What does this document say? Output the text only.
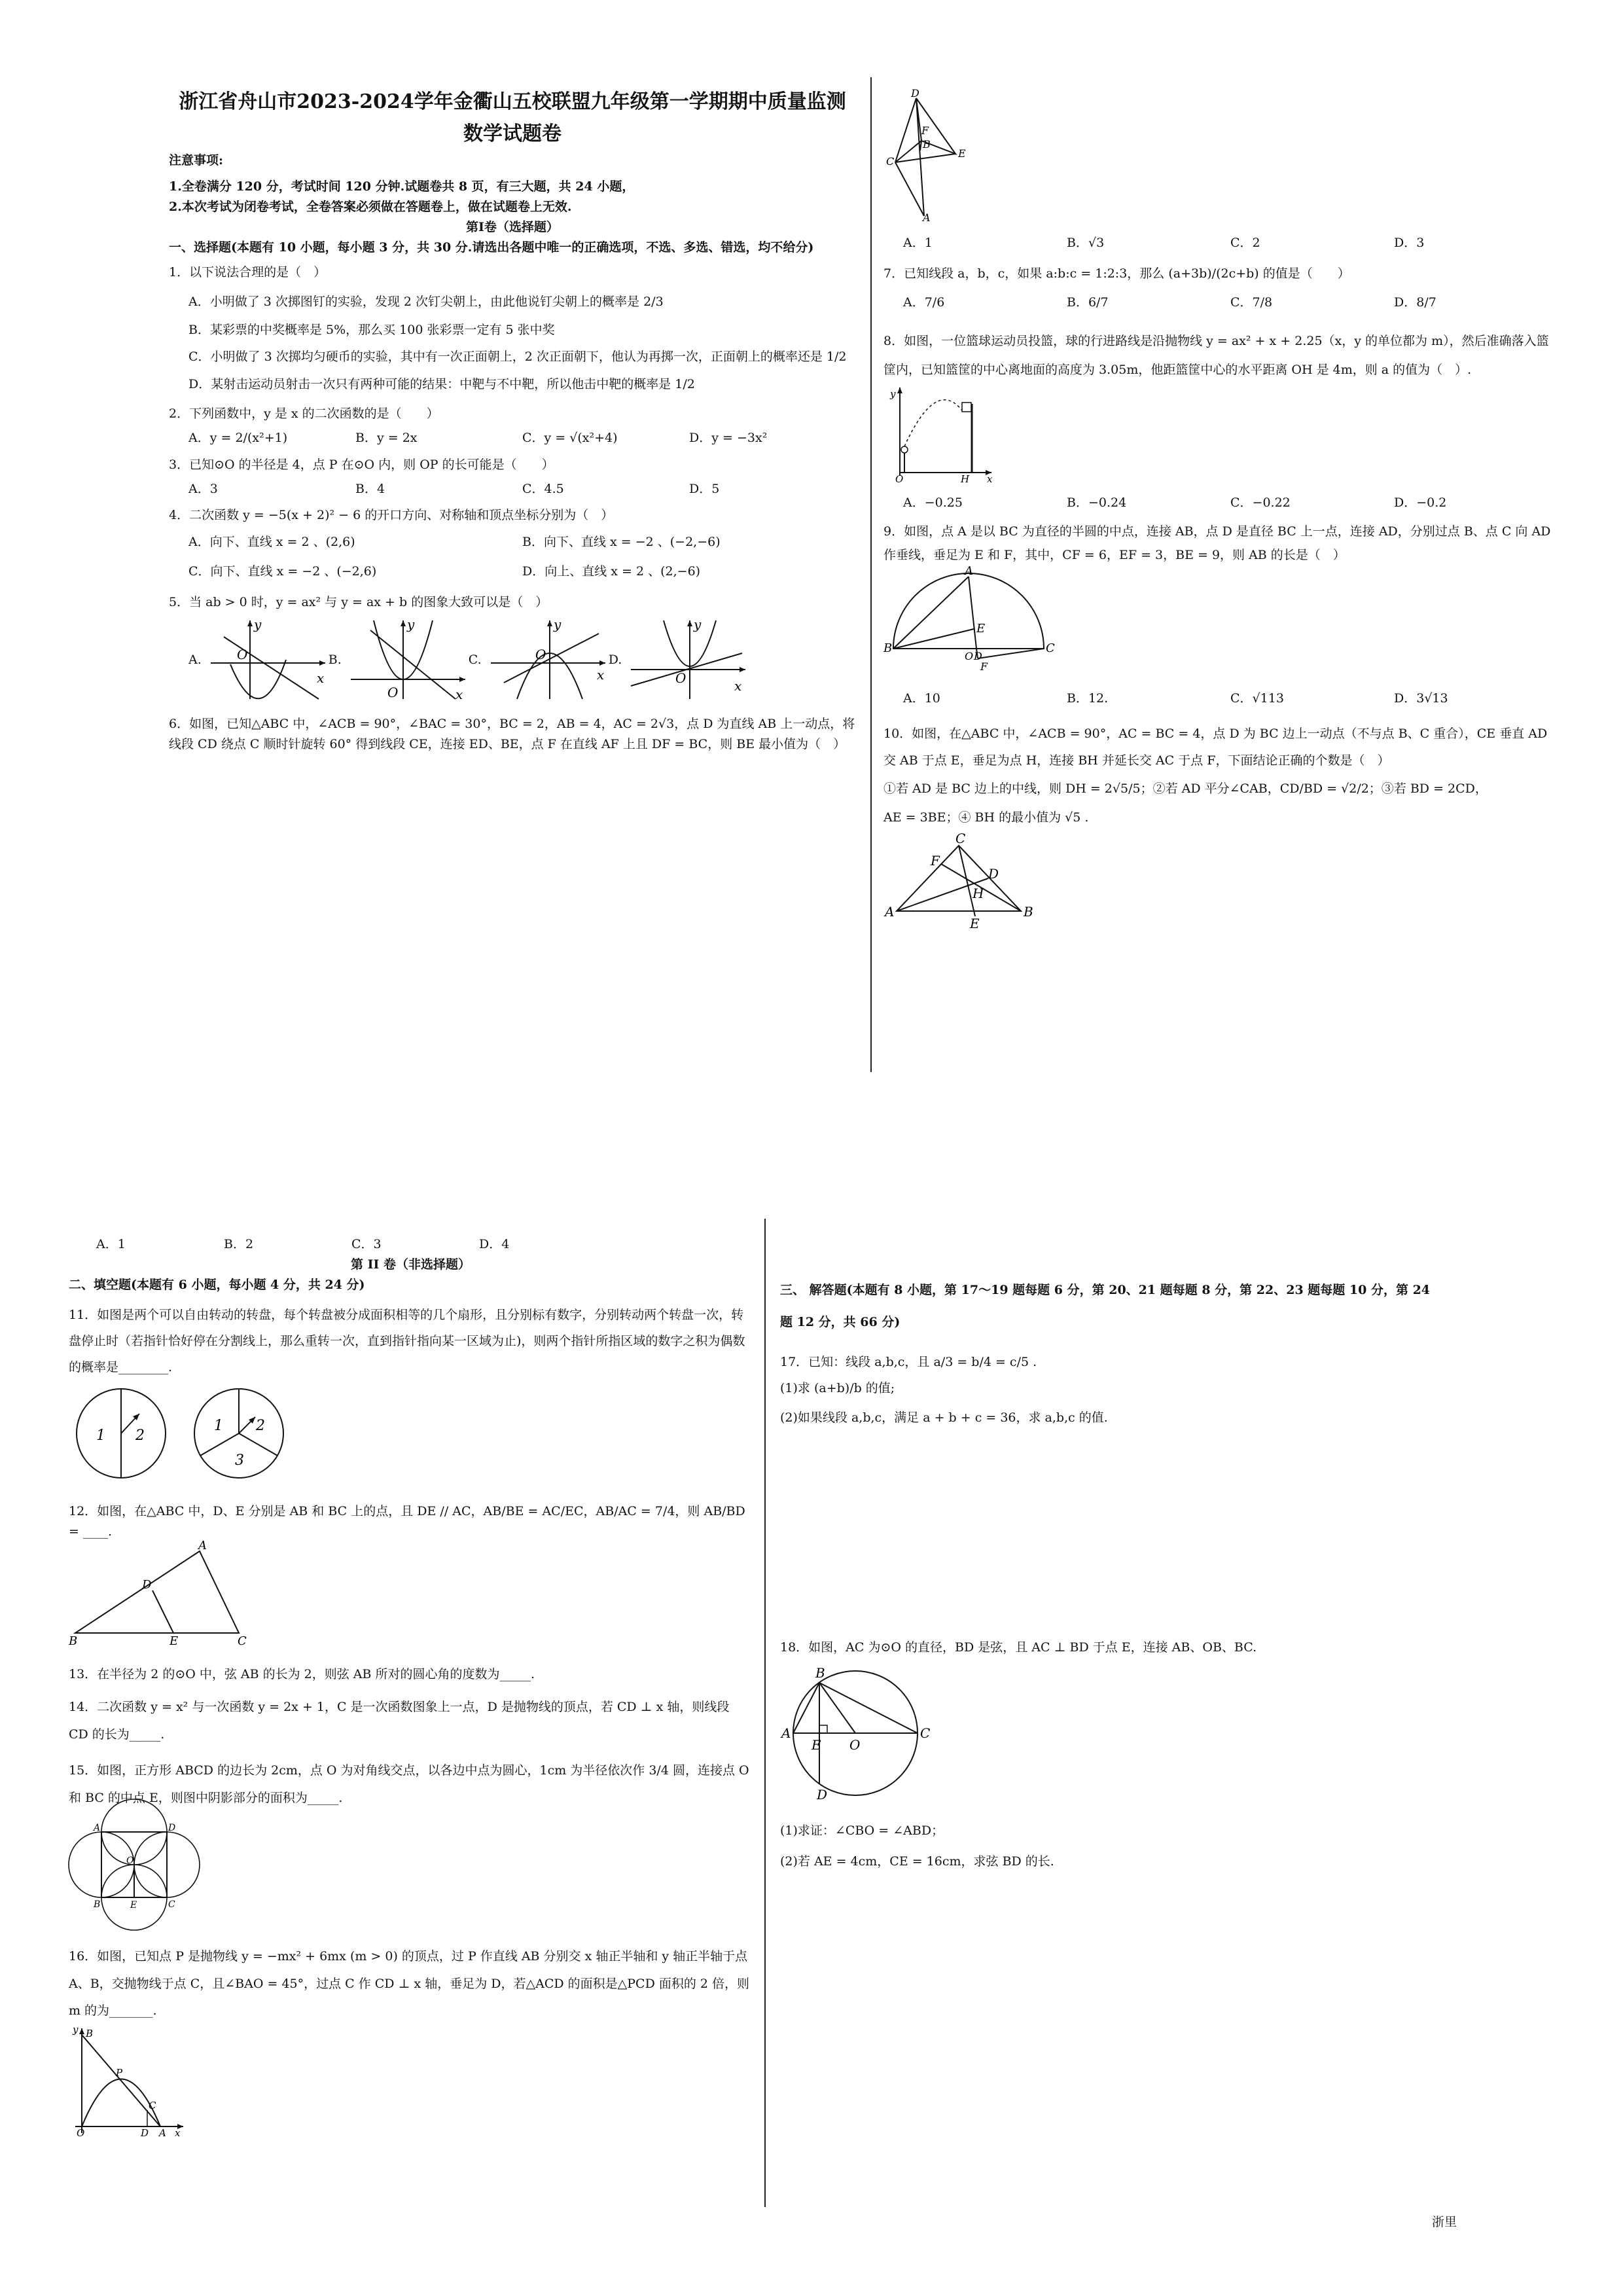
浙江省舟山市2023-2024学年金衢山五校联盟九年级第一学期期中质量监测

数学试题卷

注意事项:

1.全卷满分 120 分，考试时间 120 分钟.试题卷共 8 页，有三大题，共 24 小题，

2.本次考试为闭卷考试，全卷答案必须做在答题卷上，做在试题卷上无效.

第Ⅰ卷（选择题）

一、选择题(本题有 10 小题，每小题 3 分，共 30 分.请选出各题中唯一的正确选项，不选、多选、错选，均不给分)

1．以下说法合理的是（　）

A．小明做了 3 次掷图钉的实验，发现 2 次钉尖朝上，由此他说钉尖朝上的概率是 2/3

B．某彩票的中奖概率是 5%，那么买 100 张彩票一定有 5 张中奖

C．小明做了 3 次掷均匀硬币的实验，其中有一次正面朝上，2 次正面朝下，他认为再掷一次，正面朝上的概率还是 1/2

D．某射击运动员射击一次只有两种可能的结果：中靶与不中靶，所以他击中靶的概率是 1/2

2．下列函数中，y 是 x 的二次函数的是（　　）

A．y = 2/(x²+1)	B．y = 2x	C．y = √(x²+4)	D．y = −3x²

3．已知⊙O 的半径是 4，点 P 在⊙O 内，则 OP 的长可能是（　　）

A．3	B．4	C．4.5	D．5

4．二次函数 y = −5(x + 2)² − 6 的开口方向、对称轴和顶点坐标分别为（　）

A．向下、直线 x = 2 、(2,6)	B．向下、直线 x = −2 、(−2,−6)
C．向下、直线 x = −2 、(−2,6)	D．向上、直线 x = 2 、(2,−6)

5．当 ab > 0 时，y = ax² 与 y = ax + b 的图象大致可以是（　）

A.	O
y
x
B.
O
y
x
C.	O
y
x
D.
O
y
x

6．如图，已知△ABC 中，∠ACB = 90°，∠BAC = 30°，BC = 2，AB = 4，AC = 2√3，点 D 为直线 AB 上一动点，将线段 CD 绕点 C 顺时针旋转 60° 得到线段 CE，连接 ED、BE，点 F 在直线 AF 上且 DF = BC，则 BE 最小值为（　）

D
F
B
E
C
A
A．1	B．√3	C．2	D．3

7．已知线段 a，b，c，如果 a:b:c = 1:2:3，那么 (a+3b)/(2c+b) 的值是（　　）

A．7/6	B．6/7	C．7/8	D．8/7

8．如图，一位篮球运动员投篮，球的行进路线是沿抛物线 y = ax² + x + 2.25（x，y 的单位都为 m），然后准确落入篮筐内，已知篮筐的中心离地面的高度为 3.05m，他距篮筐中心的水平距离 OH 是 4m，则 a 的值为（　）.

y
O	H x
A．−0.25	B．−0.24	C．−0.22	D．−0.2

9．如图，点 A 是以 BC 为直径的半圆的中点，连接 AB，点 D 是直径 BC 上一点，连接 AD，分别过点 B、点 C 向 AD 作垂线，垂足为 E 和 F，其中，CF = 6，EF = 3，BE = 9，则 AB 的长是（　）

A
B	C
E
O D
F
A．10	B．12.	C．√113	D．3√13

10．如图，在△ABC 中，∠ACB = 90°，AC = BC = 4，点 D 为 BC 边上一动点（不与点 B、C 重合），CE 垂直 AD 交 AB 于点 E，垂足为点 H，连接 BH 并延长交 AC 于点 F，下面结论正确的个数是（　）

①若 AD 是 BC 边上的中线，则 DH = 2√5/5；②若 AD 平分∠CAB，CD/BD = √2/2；③若 BD = 2CD，

AE = 3BE；④ BH 的最小值为 √5 .

C
F
D
H
A	B
E
A．1	B．2	C．3	D．4

第 II 卷（非选择题）

二、填空题(本题有 6 小题，每小题 4 分，共 24 分)

11．如图是两个可以自由转动的转盘，每个转盘被分成面积相等的几个扇形，且分别标有数字，分别转动两个转盘一次，转盘停止时（若指针恰好停在分割线上，那么重转一次，直到指针指向某一区域为止)，则两个指针所指区域的数字之积为偶数的概率是________.

1 2
1 2
3

12．如图，在△ABC 中，D、E 分别是 AB 和 BC 上的点，且 DE // AC，AB/BE = AC/EC，AB/AC = 7/4，则 AB/BD = ____.

A
D
B	E	C

13．在半径为 2 的⊙O 中，弦 AB 的长为 2，则弦 AB 所对的圆心角的度数为_____.

14．二次函数 y = x² 与一次函数 y = 2x + 1，C 是一次函数图象上一点，D 是抛物线的顶点，若 CD ⊥ x 轴，则线段 CD 的长为_____.

15．如图，正方形 ABCD 的边长为 2cm，点 O 为对角线交点，以各边中点为圆心，1cm 为半径依次作 3/4 圆，连接点 O 和 BC 的中点 E，则图中阴影部分的面积为_____.

A	D
O
B	E	C

16．如图，已知点 P 是抛物线 y = −mx² + 6mx (m > 0) 的顶点，过 P 作直线 AB 分别交 x 轴正半轴和 y 轴正半轴于点 A、B，交抛物线于点 C，且∠BAO = 45°，过点 C 作 CD ⊥ x 轴，垂足为 D，若△ACD 的面积是△PCD 面积的 2 倍，则 m 的为_______.

B
P
C
O	D A x
y

三、 解答题(本题有 8 小题，第 17～19 题每题 6 分，第 20、21 题每题 8 分，第 22、23 题每题 10 分，第 24

题 12 分，共 66 分)

17．已知：线段 a,b,c，且 a/3 = b/4 = c/5 .

(1)求 (a+b)/b 的值;

(2)如果线段 a,b,c，满足 a + b + c = 36，求 a,b,c 的值.

18．如图，AC 为⊙O 的直径，BD 是弦，且 AC ⊥ BD 于点 E，连接 AB、OB、BC.

B
A	C
E O
D

(1)求证：∠CBO = ∠ABD；

(2)若 AE = 4cm，CE = 16cm，求弦 BD 的长.

浙里
